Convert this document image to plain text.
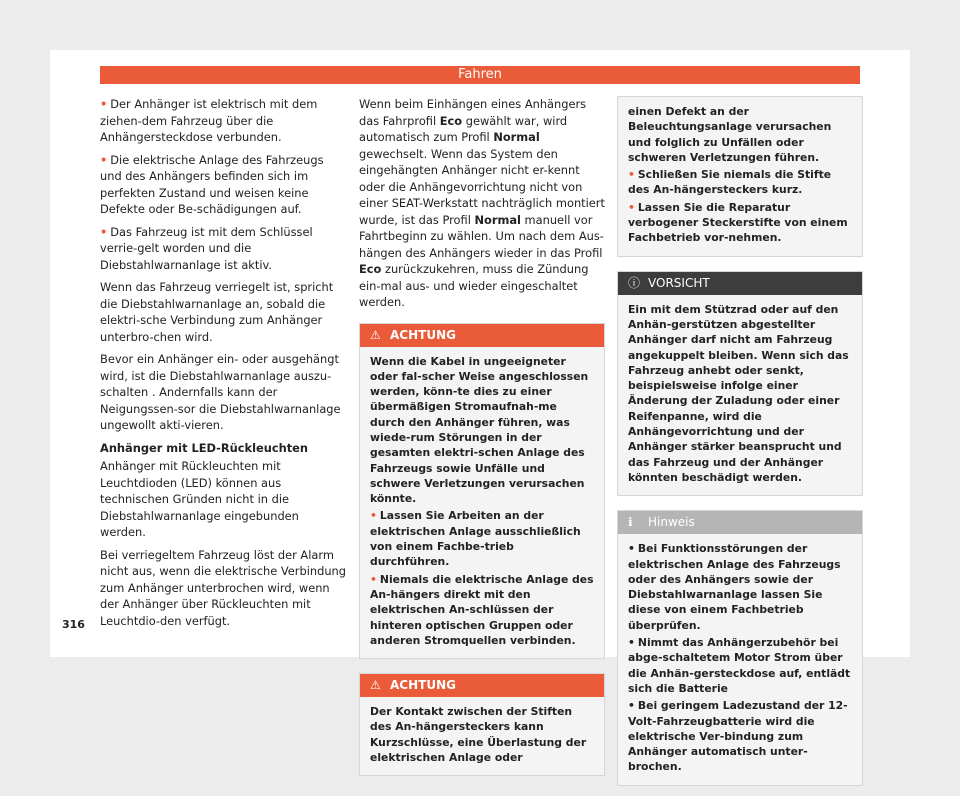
Fahren

• Der Anhänger ist elektrisch mit dem ziehen-dem Fahrzeug über die Anhängersteckdose verbunden.

• Die elektrische Anlage des Fahrzeugs und des Anhängers befinden sich im perfekten Zustand und weisen keine Defekte oder Be-schädigungen auf.

• Das Fahrzeug ist mit dem Schlüssel verrie-gelt worden und die Diebstahlwarnanlage ist aktiv.

Wenn das Fahrzeug verriegelt ist, spricht die Diebstahlwarnanlage an, sobald die elektri-sche Verbindung zum Anhänger unterbro-chen wird.

Bevor ein Anhänger ein- oder ausgehängt wird, ist die Diebstahlwarnanlage auszu-schalten . Andernfalls kann der Neigungssen-sor die Diebstahlwarnanlage ungewollt akti-vieren.

Anhänger mit LED-Rückleuchten

Anhänger mit Rückleuchten mit Leuchtdioden (LED) können aus technischen Gründen nicht in die Diebstahlwarnanlage eingebunden werden.

Bei verriegeltem Fahrzeug löst der Alarm nicht aus, wenn die elektrische Verbindung zum Anhänger unterbrochen wird, wenn der Anhänger über Rückleuchten mit Leuchtdio-den verfügt.

Wenn beim Einhängen eines Anhängers das Fahrprofil Eco gewählt war, wird automatisch zum Profil Normal gewechselt. Wenn das System den eingehängten Anhänger nicht er-kennt oder die Anhängevorrichtung nicht von einer SEAT-Werkstatt nachträglich montiert wurde, ist das Profil Normal manuell vor Fahrtbeginn zu wählen. Um nach dem Aus-hängen des Anhängers wieder in das Profil Eco zurückzukehren, muss die Zündung ein-mal aus- und wieder eingeschaltet werden.

⚠ ACHTUNG

Wenn die Kabel in ungeeigneter oder fal-scher Weise angeschlossen werden, könn-te dies zu einer übermäßigen Stromaufnah-me durch den Anhänger führen, was wiede-rum Störungen in der gesamten elektri-schen Anlage des Fahrzeugs sowie Unfälle und schwere Verletzungen verursachen könnte.

• Lassen Sie Arbeiten an der elektrischen Anlage ausschließlich von einem Fachbe-trieb durchführen.

• Niemals die elektrische Anlage des An-hängers direkt mit den elektrischen An-schlüssen der hinteren optischen Gruppen oder anderen Stromquellen verbinden.

⚠ ACHTUNG

Der Kontakt zwischen der Stiften des An-hängersteckers kann Kurzschlüsse, eine Überlastung der elektrischen Anlage oder

einen Defekt an der Beleuchtungsanlage verursachen und folglich zu Unfällen oder schweren Verletzungen führen.

• Schließen Sie niemals die Stifte des An-hängersteckers kurz.

• Lassen Sie die Reparatur verbogener Steckerstifte von einem Fachbetrieb vor-nehmen.

ⓘ VORSICHT

Ein mit dem Stützrad oder auf den Anhän-gerstützen abgestellter Anhänger darf nicht am Fahrzeug angekuppelt bleiben. Wenn sich das Fahrzeug anhebt oder senkt, beispielsweise infolge einer Änderung der Zuladung oder einer Reifenpanne, wird die Anhängevorrichtung und der Anhänger stärker beansprucht und das Fahrzeug und der Anhänger könnten beschädigt werden.

ℹ Hinweis

• Bei Funktionsstörungen der elektrischen Anlage des Fahrzeugs oder des Anhängers sowie der Diebstahlwarnanlage lassen Sie diese von einem Fachbetrieb überprüfen.

• Nimmt das Anhängerzubehör bei abge-schaltetem Motor Strom über die Anhän-gersteckdose auf, entlädt sich die Batterie

• Bei geringem Ladezustand der 12-Volt-Fahrzeugbatterie wird die elektrische Ver-bindung zum Anhänger automatisch unter-brochen.

316
